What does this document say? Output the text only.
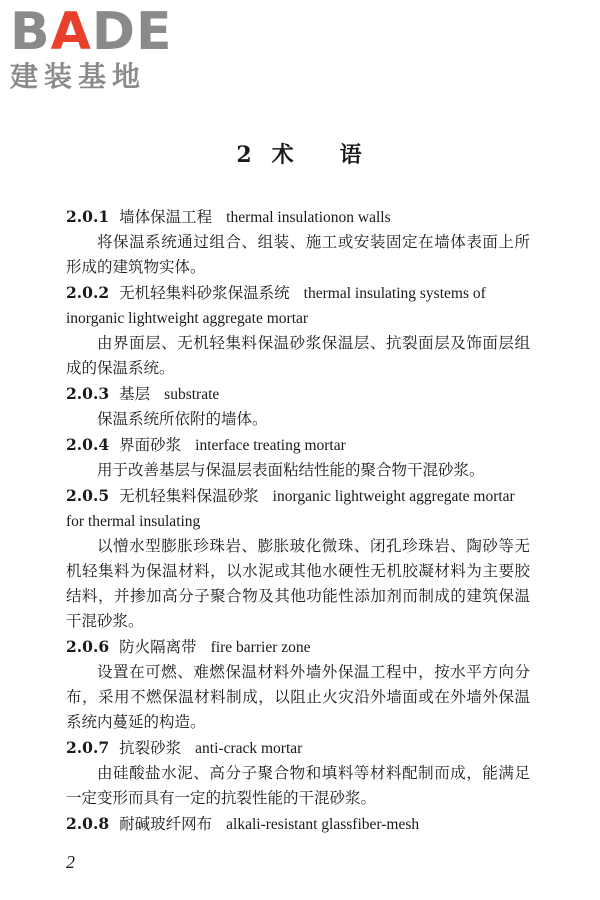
B A DE
建装基地
2 术 语
2.0.1 墙体保温工程 thermal insulationon walls
将保温系统通过组合、组装、施工或安装固定在墙体表面上所形成的建筑物实体。
2.0.2 无机轻集料砂浆保温系统 thermal insulating systems of inorganic lightweight aggregate mortar
由界面层、无机轻集料保温砂浆保温层、抗裂面层及饰面层组成的保温系统。
2.0.3 基层 substrate
保温系统所依附的墙体。
2.0.4 界面砂浆 interface treating mortar
用于改善基层与保温层表面粘结性能的聚合物干混砂浆。
2.0.5 无机轻集料保温砂浆 inorganic lightweight aggregate mortar for thermal insulating
以憎水型膨胀珍珠岩、膨胀玻化微珠、闭孔珍珠岩、陶砂等无机轻集料为保温材料，以水泥或其他水硬性无机胶凝材料为主要胶结料，并掺加高分子聚合物及其他功能性添加剂而制成的建筑保温干混砂浆。
2.0.6 防火隔离带 fire barrier zone
设置在可燃、难燃保温材料外墙外保温工程中，按水平方向分布，采用不燃保温材料制成，以阻止火灾沿外墙面或在外墙外保温系统内蔓延的构造。
2.0.7 抗裂砂浆 anti-crack mortar
由硅酸盐水泥、高分子聚合物和填料等材料配制而成，能满足一定变形而具有一定的抗裂性能的干混砂浆。
2.0.8 耐碱玻纤网布 alkali-resistant glassfiber-mesh
2
